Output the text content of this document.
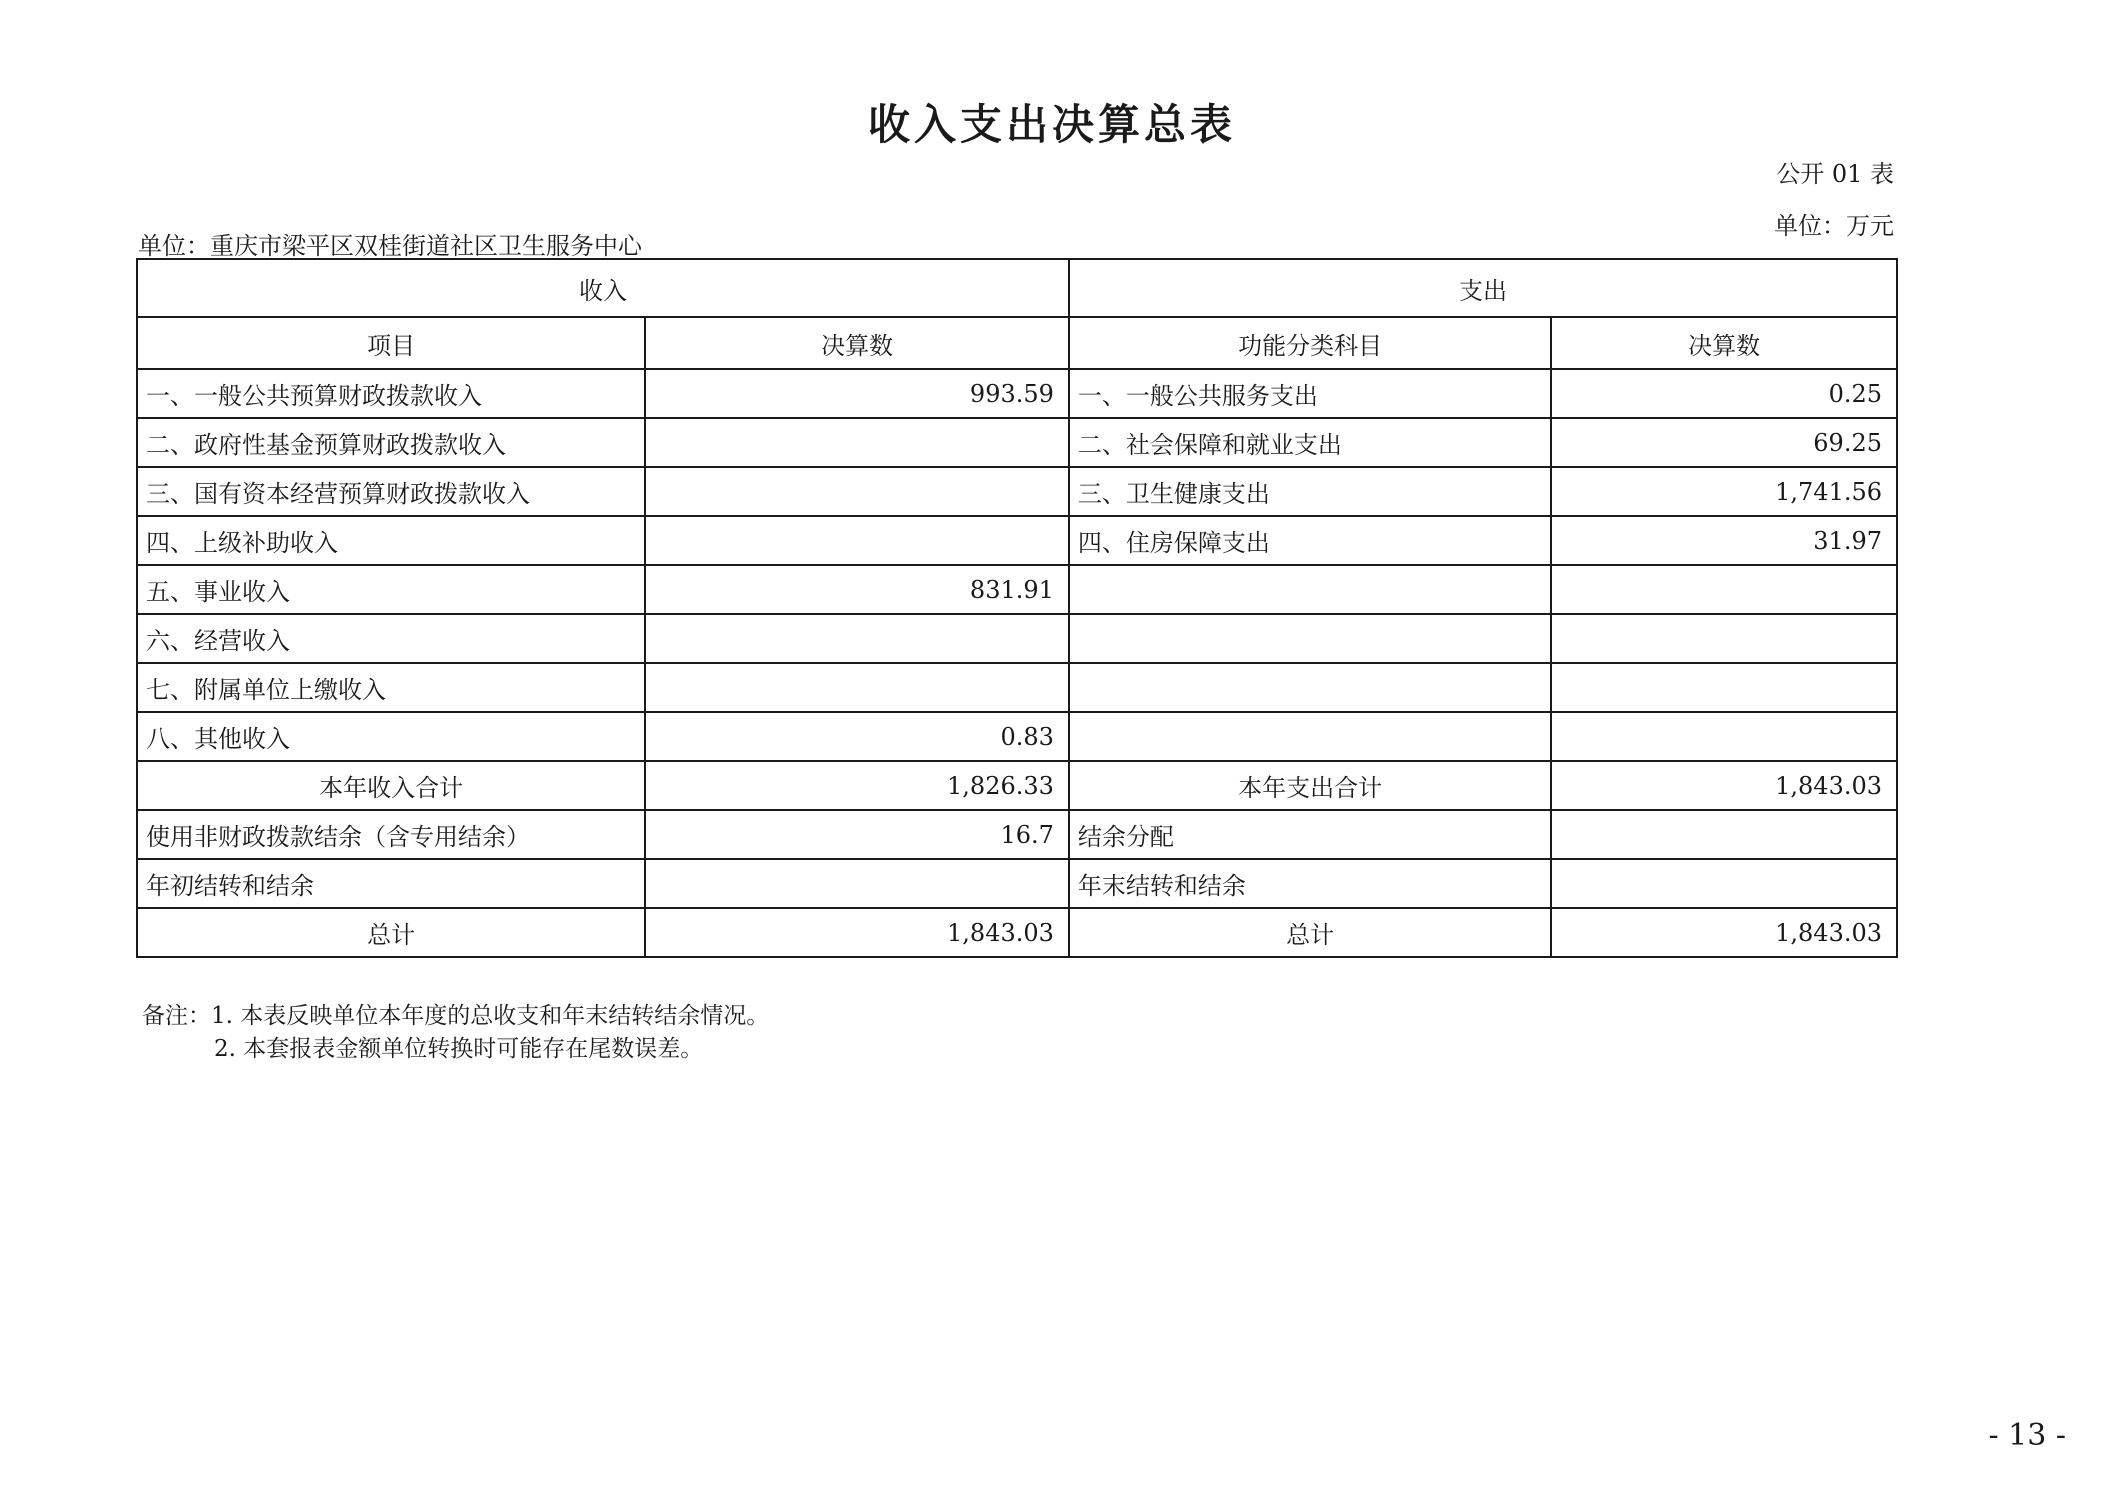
收入支出决算总表
公开 01 表
单位：万元
单位：重庆市梁平区双桂街道社区卫生服务中心
收入		支出	
项目	决算数	功能分类科目	决算数
一、一般公共预算财政拨款收入	993.59	一、一般公共服务支出	0.25
二、政府性基金预算财政拨款收入		二、社会保障和就业支出	69.25
三、国有资本经营预算财政拨款收入		三、卫生健康支出	1,741.56
四、上级补助收入		四、住房保障支出	31.97
五、事业收入	831.91		
六、经营收入			
七、附属单位上缴收入			
八、其他收入	0.83		
本年收入合计	1,826.33	本年支出合计	1,843.03
使用非财政拨款结余（含专用结余）	16.7	结余分配	
年初结转和结余		年末结转和结余	
总计	1,843.03	总计	1,843.03
备注：1. 本表反映单位本年度的总收支和年末结转结余情况。
2. 本套报表金额单位转换时可能存在尾数误差。
- 13 -
